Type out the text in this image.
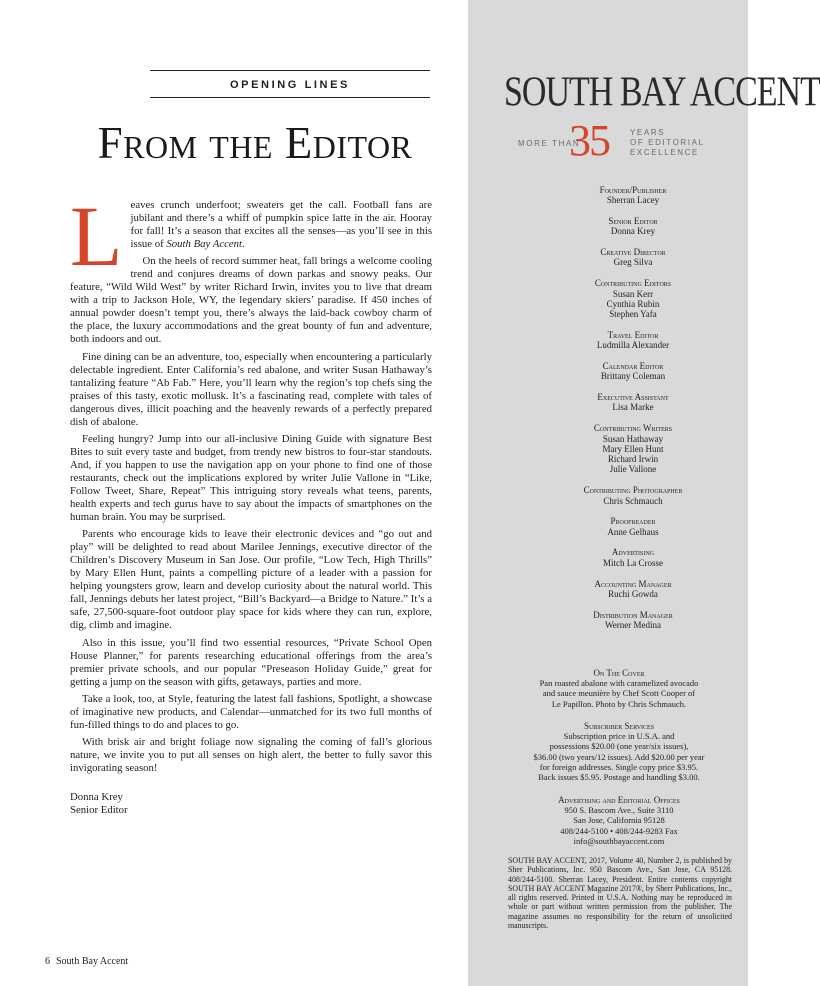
OPENING LINES
From the Editor

Leaves crunch underfoot; sweaters get the call. Football fans are jubilant and there’s a whiff of pumpkin spice latte in the air. Hooray for fall! It’s a season that excites all the senses—as you’ll see in this issue of South Bay Accent.

On the heels of record summer heat, fall brings a welcome cooling trend and conjures dreams of down parkas and snowy peaks. Our feature, “Wild Wild West” by writer Richard Irwin, invites you to live that dream with a trip to Jackson Hole, WY, the legendary skiers’ paradise. If 450 inches of annual powder doesn’t tempt you, there’s always the laid-back cowboy charm of the place, the luxury accommodations and the great bounty of fun and adventure, both indoors and out.

Fine dining can be an adventure, too, especially when encountering a particularly delectable ingredient. Enter California’s red abalone, and writer Susan Hathaway’s tantalizing feature “Ab Fab.” Here, you’ll learn why the region’s top chefs sing the praises of this tasty, exotic mollusk. It’s a fascinating read, complete with tales of dangerous dives, illicit poaching and the heavenly rewards of a perfectly prepared dish of abalone.

Feeling hungry? Jump into our all-inclusive Dining Guide with signature Best Bites to suit every taste and budget, from trendy new bistros to four-star standouts. And, if you happen to use the navigation app on your phone to find one of those restaurants, check out the implications explored by writer Julie Vallone in “Like, Follow Tweet, Share, Repeat” This intriguing story reveals what teens, parents, health experts and tech gurus have to say about the impacts of smartphones on the human brain. You may be surprised.

Parents who encourage kids to leave their electronic devices and “go out and play” will be delighted to read about Marilee Jennings, executive director of the Children’s Discovery Museum in San Jose. Our profile, “Low Tech, High Thrills” by Mary Ellen Hunt, paints a compelling picture of a leader with a passion for helping youngsters grow, learn and develop curiosity about the natural world. This fall, Jennings debuts her latest project, “Bill’s Backyard—a Bridge to Nature.” It’s a safe, 27,500-square-foot outdoor play space for kids where they can run, explore, dig, climb and imagine.

Also in this issue, you’ll find two essential resources, “Private School Open House Planner,” for parents researching educational offerings from the area’s premier private schools, and our popular “Preseason Holiday Guide,” great for getting a jump on the season with gifts, getaways, parties and more.

Take a look, too, at Style, featuring the latest fall fashions, Spotlight, a showcase of imaginative new products, and Calendar—unmatched for its two full months of fun-filled things to do and places to go.

With brisk air and bright foliage now signaling the coming of fall’s glorious nature, we invite you to put all senses on high alert, the better to fully savor this invigorating season!

Donna Krey
Senior Editor
6 South Bay Accent
SOUTH BAY ACCENT
MORE THAN
35	YEARS
OF EDITORIAL
EXCELLENCE
Founder/Publisher
Sherran Lacey
Senior Editor
Donna Krey
Creative Director
Greg Silva
Contributing Editors
Susan Kerr
Cynthia Rubin
Stephen Yafa
Travel Editor
Ludmilla Alexander
Calendar Editor
Brittany Coleman
Executive Assistant
Lisa Marke
Contributing Writers
Susan Hathaway
Mary Ellen Hunt
Richard Irwin
Julie Vallone
Contributing Photographer
Chris Schmauch
Proofreader
Anne Gelhaus
Advertising
Mitch La Crosse
Accounting Manager
Ruchi Gowda
Distribution Manager
Werner Medina
On The Cover
Pan roasted abalone with caramelized avocado
and sauce meunière by Chef Scott Cooper of
Le Papillon. Photo by Chris Schmauch.
Subscriber Services
Subscription price in U.S.A. and
possessions $20.00 (one year/six issues),
$36.00 (two years/12 issues). Add $20.00 per year
for foreign addresses. Single copy price $3.95.
Back issues $5.95. Postage and handling $3.00.
Advertising and Editorial Offices
950 S. Bascom Ave., Suite 3110
San Jose, California 95128
408/244-5100 • 408/244-9283 Fax
info@southbayaccent.com
SOUTH BAY ACCENT, 2017, Volume 40, Number 2, is published by Sher Publications, Inc. 950 Bascom Ave., San Jose, CA 95128. 408/244-5100. Sherran Lacey, President. Entire contents copyright SOUTH BAY ACCENT Magazine 2017®, by Sherr Publications, Inc., all rights reserved. Printed in U.S.A. Nothing may be reproduced in whole or part without written permission from the publisher. The magazine assumes no responsibility for the return of unsolicited manuscripts.
